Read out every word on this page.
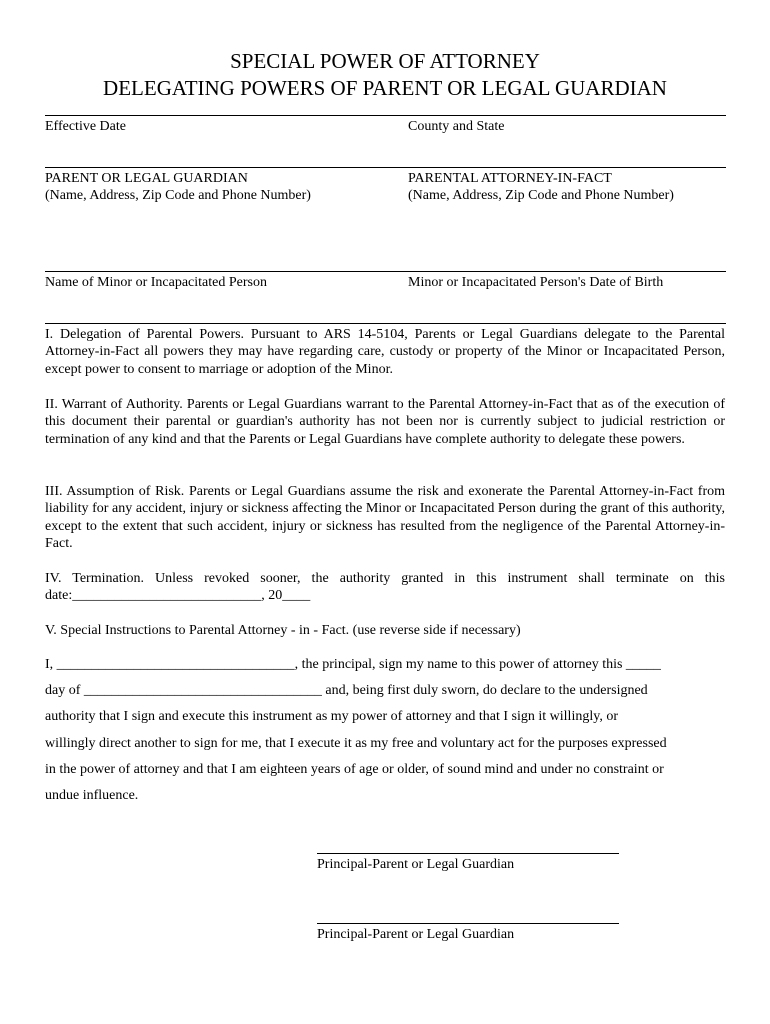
SPECIAL POWER OF ATTORNEY
DELEGATING POWERS OF PARENT OR LEGAL GUARDIAN
Effective Date	County and State
PARENT OR LEGAL GUARDIAN
(Name, Address, Zip Code and Phone Number)
PARENTAL ATTORNEY-IN-FACT
(Name, Address, Zip Code and Phone Number)
Name of Minor or Incapacitated Person	Minor or Incapacitated Person's Date of Birth

I. Delegation of Parental Powers. Pursuant to ARS 14-5104, Parents or Legal Guardians delegate to the Parental Attorney-in-Fact all powers they may have regarding care, custody or property of the Minor or Incapacitated Person, except power to consent to marriage or adoption of the Minor.

II. Warrant of Authority. Parents or Legal Guardians warrant to the Parental Attorney-in-Fact that as of the execution of this document their parental or guardian's authority has not been nor is currently subject to judicial restriction or termination of any kind and that the Parents or Legal Guardians have complete authority to delegate these powers.

III. Assumption of Risk. Parents or Legal Guardians assume the risk and exonerate the Parental Attorney-in-Fact from liability for any accident, injury or sickness affecting the Minor or Incapacitated Person during the grant of this authority, except to the extent that such accident, injury or sickness has resulted from the negligence of the Parental Attorney-in-Fact.

IV. Termination. Unless revoked sooner, the authority granted in this instrument shall terminate on this

date:___________________________, 20____

V. Special Instructions to Parental Attorney - in - Fact. (use reverse side if necessary)

I, __________________________________, the principal, sign my name to this power of attorney this _____
day of __________________________________ and, being first duly sworn, do declare to the undersigned
authority that I sign and execute this instrument as my power of attorney and that I sign it willingly, or
willingly direct another to sign for me, that I execute it as my free and voluntary act for the purposes expressed
in the power of attorney and that I am eighteen years of age or older, of sound mind and under no constraint or
undue influence.
Principal-Parent or Legal Guardian
Principal-Parent or Legal Guardian
